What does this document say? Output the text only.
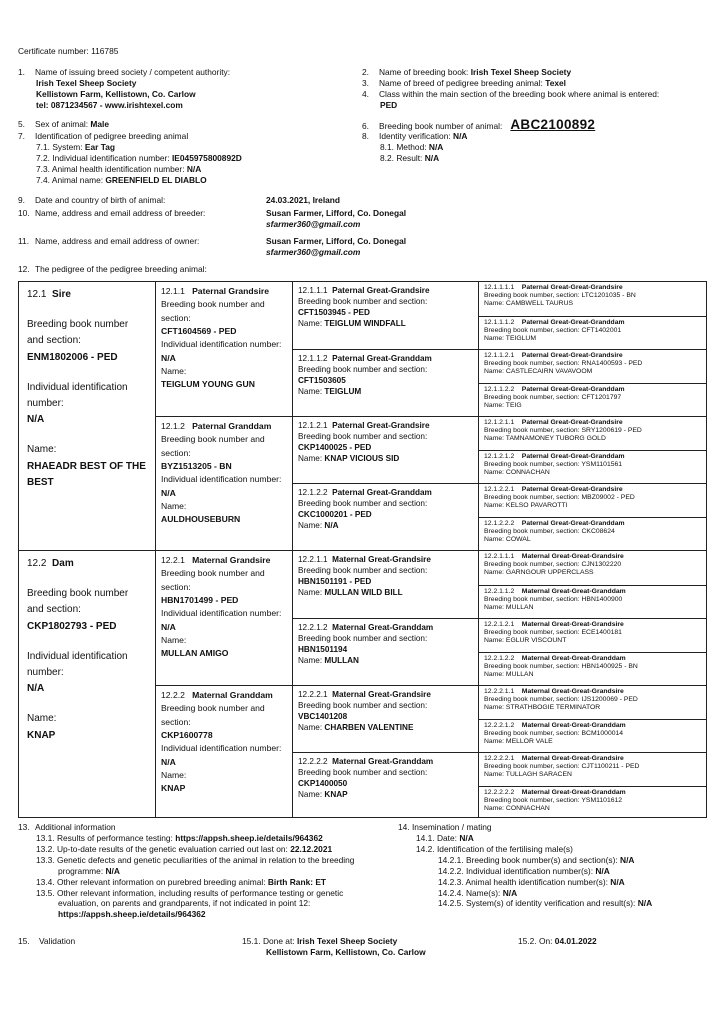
Certificate number: 116785
1. Name of issuing breed society / competent authority:
Irish Texel Sheep Society
Kellistown Farm, Kellistown, Co. Carlow
tel: 0871234567 - www.irishtexel.com
2. Name of breeding book: Irish Texel Sheep Society
3. Name of breed of pedigree breeding animal: Texel
4. Class within the main section of the breeding book where animal is entered:
PED
5. Sex of animal: Male	6. Breeding book number of animal: ABC2100892
7. Identification of pedigree breeding animal
7.1. System: Ear Tag
7.2. Individual identification number: IE045975800892D
7.3. Animal health identification number: N/A
7.4. Animal name: GREENFIELD EL DIABLO
8. Identity verification: N/A
8.1. Method: N/A
8.2. Result: N/A
9. Date and country of birth of animal:	24.03.2021, Ireland
10. Name, address and email address of breeder:	Susan Farmer, Lifford, Co. Donegal
sfarmer360@gmail.com
11. Name, address and email address of owner:	Susan Farmer, Lifford, Co. Donegal
sfarmer360@gmail.com
12. The pedigree of the pedigree breeding animal:
12.1 Sire
Breeding book number and section:
ENM1802006 - PED
Individual identification number:
N/A
Name:
RHAEADR BEST OF THE BEST
12.1.1 Paternal Grandsire
Breeding book number and section:
CFT1604569 - PED
Individual identification number:
N/A
Name:
TEIGLUM YOUNG GUN
12.1.2 Paternal Granddam
Breeding book number and section:
BYZ1513205 - BN
Individual identification number:
N/A
Name:
AULDHOUSEBURN
12.1.1.1 Paternal Great-Grandsire
Breeding book number and section:
CFT1503945 - PED
Name: TEIGLUM WINDFALL
12.1.1.2 Paternal Great-Granddam
Breeding book number and section:
CFT1503605
Name: TEIGLUM
12.1.2.1 Paternal Great-Grandsire
Breeding book number and section:
CKP1400025 - PED
Name: KNAP VICIOUS SID
12.1.2.2 Paternal Great-Granddam
Breeding book number and section:
CKC1000201 - PED
Name: N/A
12.1.1.1.1 Paternal Great-Great-Grandsire
Breeding book number, section: LTC1201035 - BN
Name: CAMBWELL TAURUS
12.1.1.1.2 Paternal Great-Great-Granddam
Breeding book number, section: CFT1402001
Name: TEIGLUM
12.1.1.2.1 Paternal Great-Great-Grandsire
Breeding book number, section: RNA1400593 - PED
Name: CASTLECAIRN VAVAVOOM
12.1.1.2.2 Paternal Great-Great-Granddam
Breeding book number, section: CFT1201797
Name: TEIG
12.1.2.1.1 Paternal Great-Great-Grandsire
Breeding book number, section: SRY1200619 - PED
Name: TAMNAMONEY TUBORG GOLD
12.1.2.1.2 Paternal Great-Great-Granddam
Breeding book number, section: YSM1101561
Name: CONNACHAN
12.1.2.2.1 Paternal Great-Great-Grandsire
Breeding book number, section: MBZ09002 - PED
Name: KELSO PAVAROTTI
12.1.2.2.2 Paternal Great-Great-Granddam
Breeding book number, section: CKC08624
Name: COWAL
12.2 Dam
Breeding book number and section:
CKP1802793 - PED
Individual identification number:
N/A
Name:
KNAP
12.2.1 Maternal Grandsire
Breeding book number and section:
HBN1701499 - PED
Individual identification number:
N/A
Name:
MULLAN AMIGO
12.2.2 Maternal Granddam
Breeding book number and section:
CKP1600778
Individual identification number:
N/A
Name:
KNAP
12.2.1.1 Maternal Great-Grandsire
Breeding book number and section:
HBN1501191 - PED
Name: MULLAN WILD BILL
12.2.1.2 Maternal Great-Granddam
Breeding book number and section:
HBN1501194
Name: MULLAN
12.2.2.1 Maternal Great-Grandsire
Breeding book number and section:
VBC1401208
Name: CHARBEN VALENTINE
12.2.2.2 Maternal Great-Granddam
Breeding book number and section:
CKP1400050
Name: KNAP
12.2.1.1.1 Maternal Great-Great-Grandsire
Breeding book number, section: CJN1302220
Name: GARNGOUR UPPERCLASS
12.2.1.1.2 Maternal Great-Great-Granddam
Breeding book number, section: HBN1400900
Name: MULLAN
12.2.1.2.1 Maternal Great-Great-Grandsire
Breeding book number, section: ECE1400181
Name: EGLUR VISCOUNT
12.2.1.2.2 Maternal Great-Great-Granddam
Breeding book number, section: HBN1400925 - BN
Name: MULLAN
12.2.2.1.1 Maternal Great-Great-Grandsire
Breeding book number, section: IJS1200069 - PED
Name: STRATHBOGIE TERMINATOR
12.2.2.1.2 Maternal Great-Great-Granddam
Breeding book number, section: BCM1000014
Name: MELLOR VALE
12.2.2.2.1 Maternal Great-Great-Grandsire
Breeding book number, section: CJT1100211 - PED
Name: TULLAGH SARACEN
12.2.2.2.2 Maternal Great-Great-Granddam
Breeding book number, section: YSM1101612
Name: CONNACHAN
13. Additional information
13.1. Results of performance testing: https://appsh.sheep.ie/details/964362
13.2. Up-to-date results of the genetic evaluation carried out last on: 22.12.2021
13.3. Genetic defects and genetic peculiarities of the animal in relation to the breeding
programme: N/A
13.4. Other relevant information on purebred breeding animal: Birth Rank: ET
13.5. Other relevant information, including results of performance testing or genetic
evaluation, on parents and grandparents, if not indicated in point 12:
https://appsh.sheep.ie/details/964362
14. Insemination / mating
14.1. Date: N/A
14.2. Identification of the fertilising male(s)
14.2.1. Breeding book number(s) and section(s): N/A
14.2.2. Individual identification number(s): N/A
14.2.3. Animal health identification number(s): N/A
14.2.4. Name(s): N/A
14.2.5. System(s) of identity verification and result(s): N/A
15. Validation	15.1. Done at: Irish Texel Sheep Society
Kellistown Farm, Kellistown, Co. Carlow
15.2. On: 04.01.2022
